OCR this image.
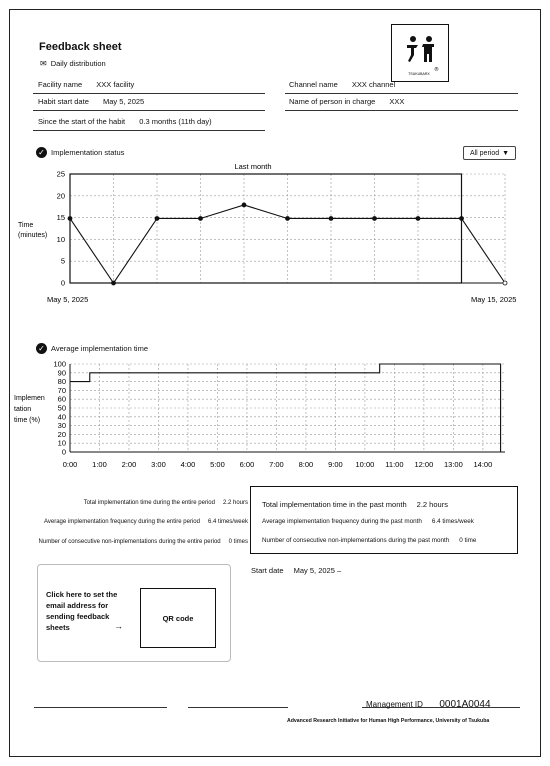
Feedback sheet
✉ Daily distribution
®
TSUKUBARX
Facility name XXX facility	Channel name XXX channel
Habit start date May 5, 2025	Name of person in charge XXX
Since the start of the habit 0.3 months (11th day)
✓ Implementation status	All period ▼
Last month
Time
(minutes)
May 5, 2025	May 15, 2025
0
5
10
15
20
25
✓ Average implementation time
Implemen
tation
time (%)
0
10
20
30
40
50
60
70
80
90
100
0:00 1:00 2:00 3:00 4:00 5:00 6:00 7:00 8:00 9:00 10:00 11:00 12:00 13:00 14:00
Total implementation time during the entire period 2.2 hours
Average implementation frequency during the entire period 6.4 times/week
Number of consecutive non-implementations during the entire period 0 times
Total implementation time in the past month 2.2 hours
Average implementation frequency during the past month 6.4 times/week
Number of consecutive non-implementations during the past month 0 time
Start date May 5, 2025 –
Click here to set the email address for sending feedback sheets	→
QR code
Management ID 0001A0044
Advanced Research Initiative for Human High Performance, University of Tsukuba
